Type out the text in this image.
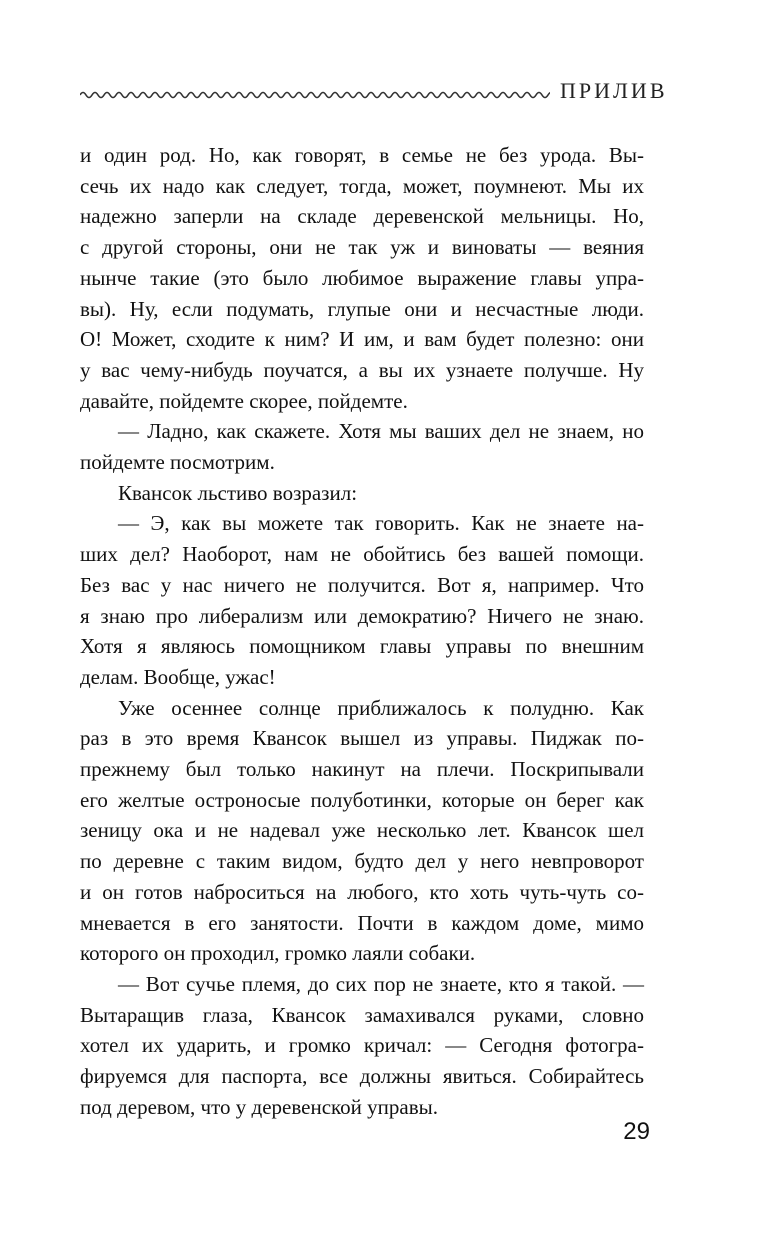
ПРИЛИВ

и один род. Но, как говорят, в семье не без урода. Вы-
сечь их надо как следует, тогда, может, поумнеют. Мы их
надежно заперли на складе деревенской мельницы. Но,
с другой стороны, они не так уж и виноваты — веяния
нынче такие (это было любимое выражение главы упра-
вы). Ну, если подумать, глупые они и несчастные люди.
О! Может, сходите к ним? И им, и вам будет полезно: они
у вас чему-нибудь поучатся, а вы их узнаете получше. Ну
давайте, пойдемте скорее, пойдемте.

— Ладно, как скажете. Хотя мы ваших дел не знаем, но
пойдемте посмотрим.

Квансок льстиво возразил:

— Э, как вы можете так говорить. Как не знаете на-
ших дел? Наоборот, нам не обойтись без вашей помощи.
Без вас у нас ничего не получится. Вот я, например. Что
я знаю про либерализм или демократию? Ничего не знаю.
Хотя я являюсь помощником главы управы по внешним
делам. Вообще, ужас!

Уже осеннее солнце приближалось к полудню. Как
раз в это время Квансок вышел из управы. Пиджак по-
прежнему был только накинут на плечи. Поскрипывали
его желтые остроносые полуботинки, которые он берег как
зеницу ока и не надевал уже несколько лет. Квансок шел
по деревне с таким видом, будто дел у него невпроворот
и он готов наброситься на любого, кто хоть чуть-чуть со-
мневается в его занятости. Почти в каждом доме, мимо
которого он проходил, громко лаяли собаки.

— Вот сучье племя, до сих пор не знаете, кто я такой. —
Вытаращив глаза, Квансок замахивался руками, словно
хотел их ударить, и громко кричал: — Сегодня фотогра-
фируемся для паспорта, все должны явиться. Собирайтесь
под деревом, что у деревенской управы.

29
